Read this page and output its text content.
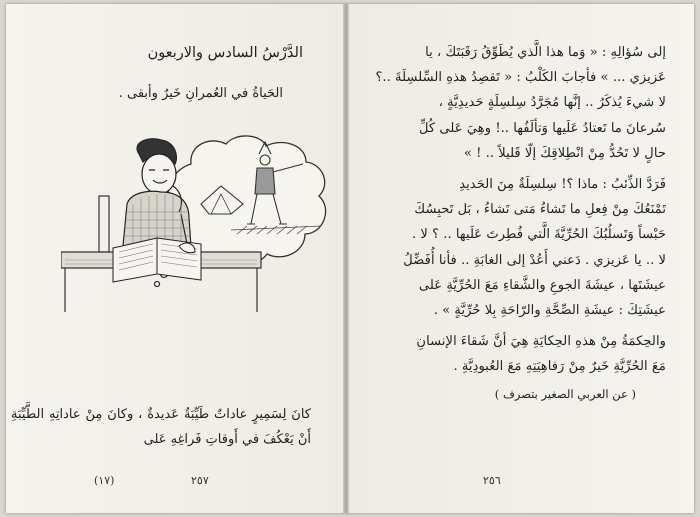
الدَّرْسُ السادس والاربعون
الحَياةُ في العُمرانِ خَيرٌ وأبقى .
كانَ لِسَمِيرٍ عاداتٌ طَيِّبَةٌ عَديدةٌ ، وكانَ مِنْ عاداتِهِ الطَّيِّبَةِ أَنْ يَعْكُفَ في أَوقاتِ فَراغِهِ عَلى
٢٥٧
(١٧)
إلى سُؤالِهِ : « وَما هذا الَّذي يُطَوِّقُ رَقَبَتَكَ ، يا
عَزيزي ... » فأجابَ الكَلْبُ : « تَقصِدُ هذهِ السِّلسِلَةَ ..؟
لا شيءَ يُذكَرُ .. إنَّها مُجَرَّدُ سِلسِلَةٍ حَديدِيَّةٍ ،
سُرعانَ ما تَعتادُ عَلَيها وَتألَفُها ..! وهِيَ عَلى كُلِّ
حالٍ لا تَحُدُّ مِنْ انْطِلاقِكَ إلّا قَليلاً .. ! »
فَرَدَّ الذِّئبُ : ماذا ؟! سِلسِلَةٌ مِنَ الحَديدِ
تَمْنَعُكَ مِنْ فِعلِ ما تَشاءُ مَتى تَشاءُ ، بَل تَحبِسُكَ
حَبْساً وَتَسلُبُكَ الحُرِّيَّةَ الَّتي فُطِرتَ عَلَيها .. ؟ لا .
لا .. يا عَزيزي . دَعني أَعُدْ إلى الغابَةِ .. فأنا أُفَضِّلُ
عيشَتَها ، عيشَةَ الجوعِ والشَّقاءِ مَعَ الحُرِّيَّةِ عَلى
عيشَتِكَ : عيشَةِ الصِّحَّةِ والرّاحَةِ بِلا حُرِّيَّةٍ » .
والحِكمَةُ مِنْ هذهِ الحِكايَةِ هِيَ أنَّ شَقاءَ الإنسانِ
مَعَ الحُرِّيَّةِ خَيرٌ مِنْ رَفاهِيَتِهِ مَعَ العُبودِيَّةِ .
( عن العربي الصغير بتصرف )
٢٥٦
